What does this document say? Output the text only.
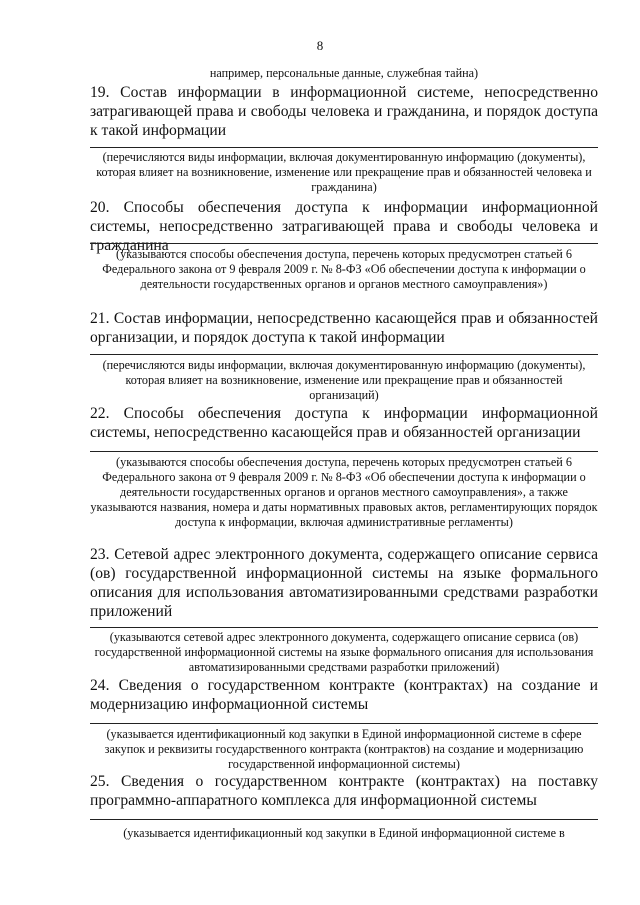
8
например, персональные данные, служебная тайна)
19. Состав информации в информационной системе, непосредственно затрагивающей права и свободы человека и гражданина, и порядок доступа к такой информации
(перечисляются виды информации, включая документированную информацию (документы), которая влияет на возникновение, изменение или прекращение прав и обязанностей человека и гражданина)
20. Способы обеспечения доступа к информации информационной системы, непосредственно затрагивающей права и свободы человека и гражданина
(указываются способы обеспечения доступа, перечень которых предусмотрен статьей 6 Федерального закона от 9 февраля 2009 г. № 8-ФЗ «Об обеспечении доступа к информации о деятельности государственных органов и органов местного самоуправления»)
21. Состав информации, непосредственно касающейся прав и обязанностей организации, и порядок доступа к такой информации
(перечисляются виды информации, включая документированную информацию (документы), которая влияет на возникновение, изменение или прекращение прав и обязанностей организаций)
22. Способы обеспечения доступа к информации информационной системы, непосредственно касающейся прав и обязанностей организации
(указываются способы обеспечения доступа, перечень которых предусмотрен статьей 6 Федерального закона от 9 февраля 2009 г. № 8-ФЗ «Об обеспечении доступа к информации о деятельности государственных органов и органов местного самоуправления», а также указываются названия, номера и даты нормативных правовых актов, регламентирующих порядок доступа к информации, включая административные регламенты)
23. Сетевой адрес электронного документа, содержащего описание сервиса (ов) государственной информационной системы на языке формального описания для использования автоматизированными средствами разработки приложений
(указываются сетевой адрес электронного документа, содержащего описание сервиса (ов) государственной информационной системы на языке формального описания для использования автоматизированными средствами разработки приложений)
24. Сведения о государственном контракте (контрактах) на создание и модернизацию информационной системы
(указывается идентификационный код закупки в Единой информационной системе в сфере закупок и реквизиты государственного контракта (контрактов) на создание и модернизацию государственной информационной системы)
25. Сведения о государственном контракте (контрактах) на поставку программно-аппаратного комплекса для информационной системы
(указывается идентификационный код закупки в Единой информационной системе в
